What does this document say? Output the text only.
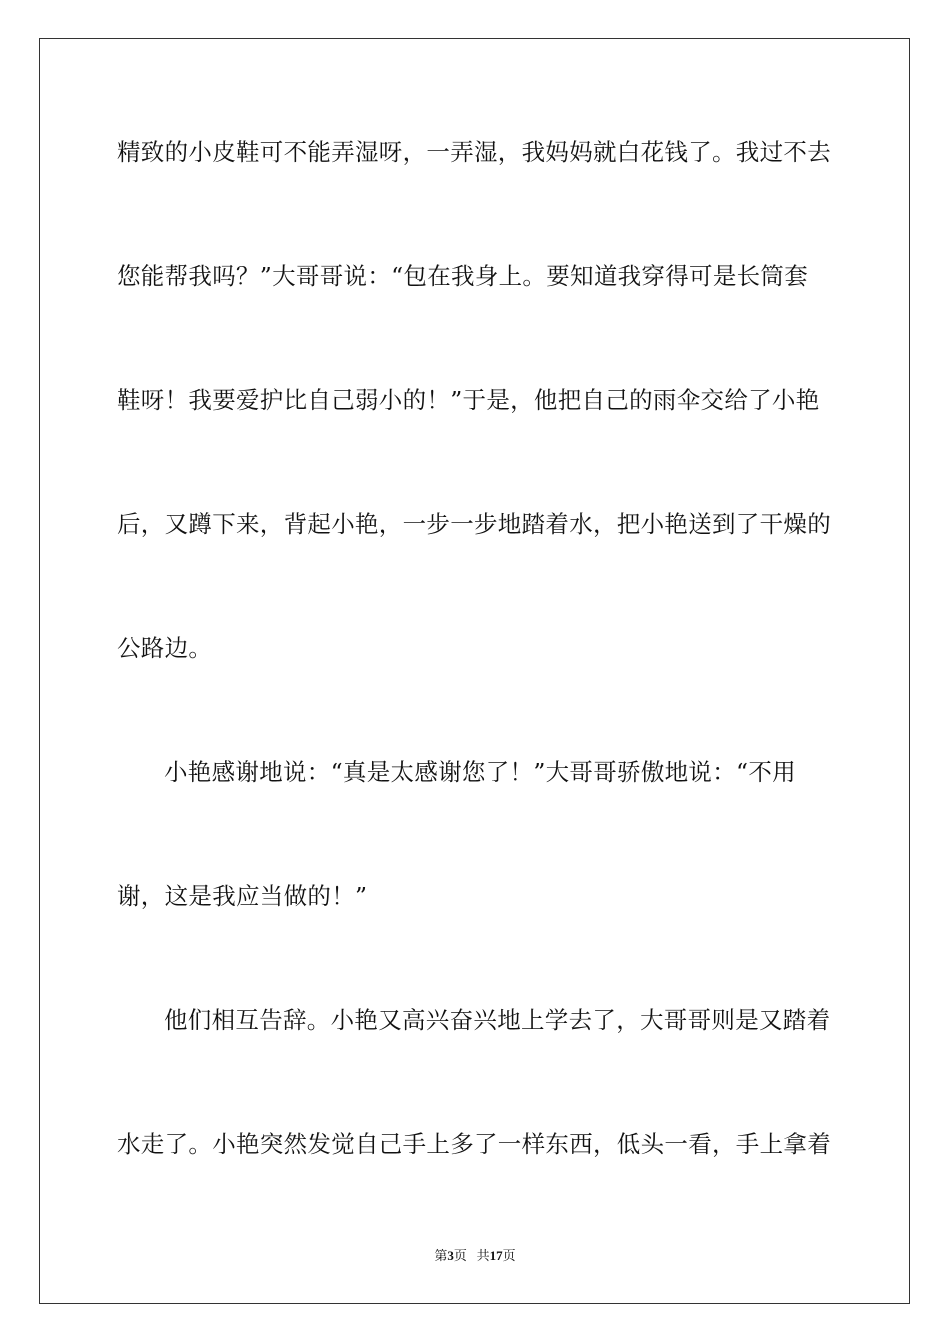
精致的小皮鞋可不能弄湿呀，一弄湿，我妈妈就白花钱了。我过不去
您能帮我吗？”大哥哥说：“包在我身上。要知道我穿得可是长筒套
鞋呀！我要爱护比自己弱小的！”于是，他把自己的雨伞交给了小艳
后，又蹲下来，背起小艳，一步一步地踏着水，把小艳送到了干燥的
公路边。
小艳感谢地说：“真是太感谢您了！”大哥哥骄傲地说：“不用
谢，这是我应当做的！”
他们相互告辞。小艳又高兴奋兴地上学去了，大哥哥则是又踏着
水走了。小艳突然发觉自己手上多了一样东西，低头一看，手上拿着
第3页 共17页
